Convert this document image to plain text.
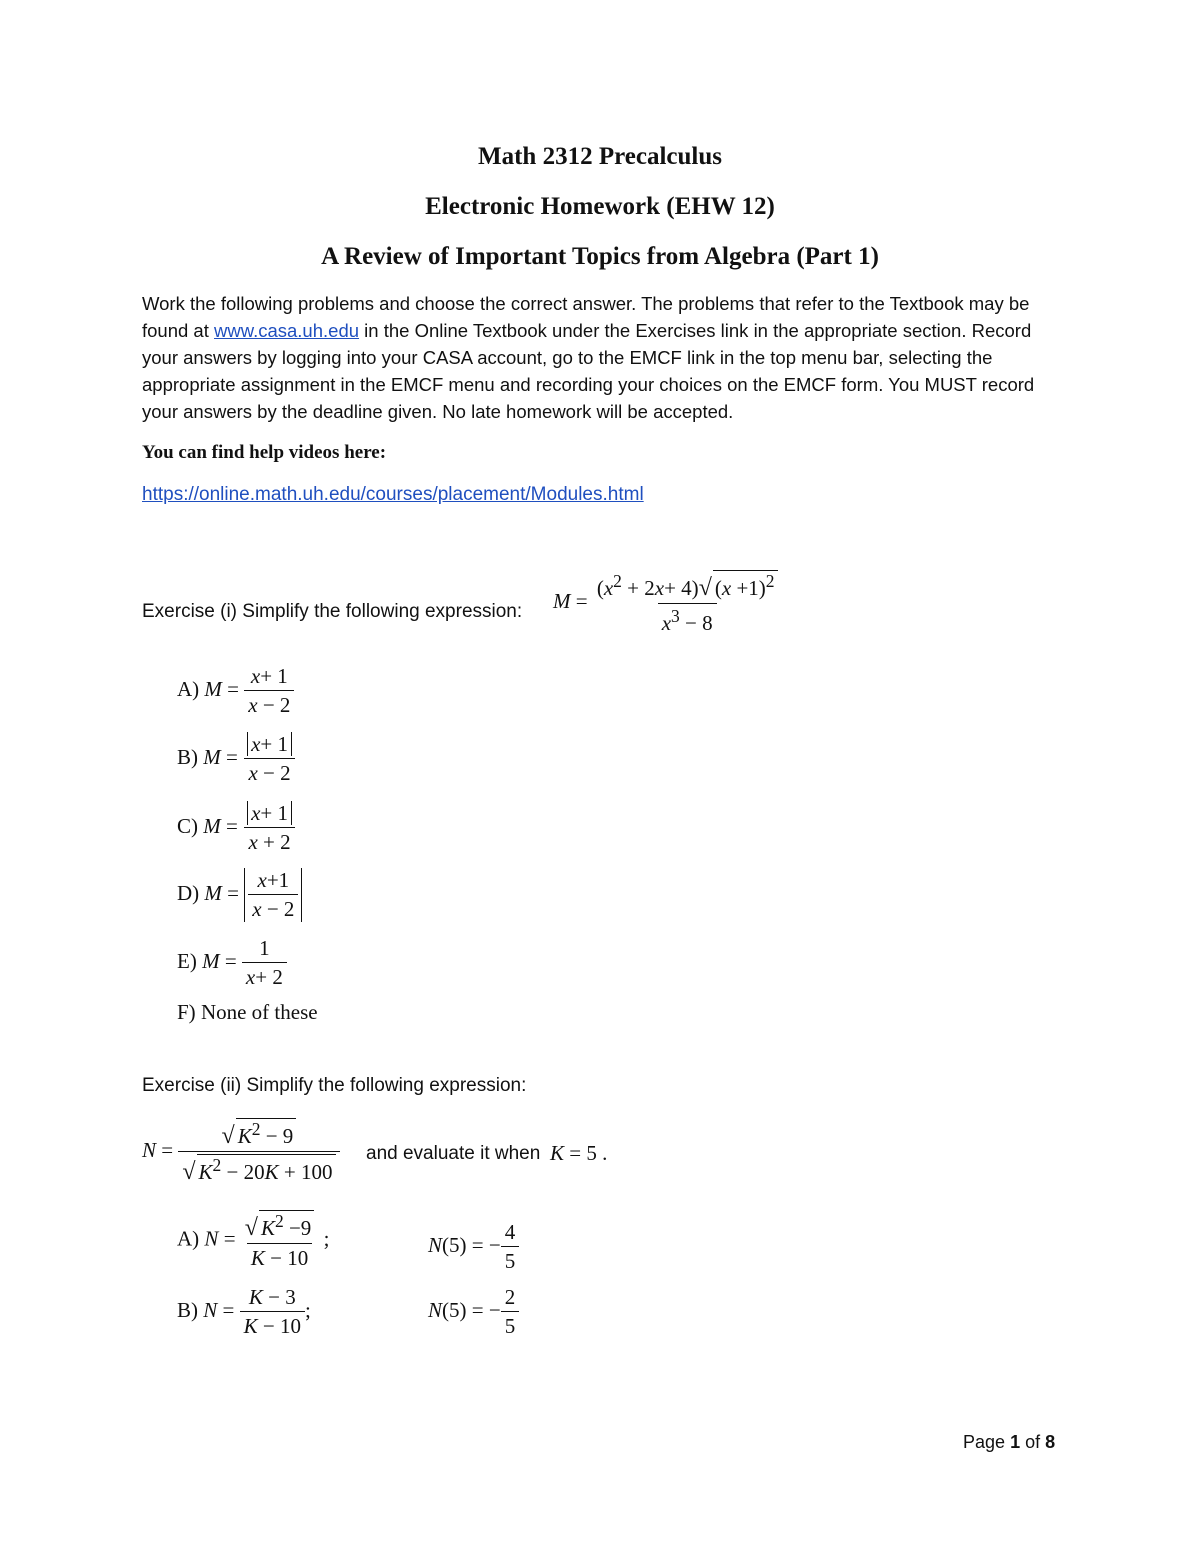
Math 2312 Precalculus
Electronic Homework (EHW 12)
A Review of Important Topics from Algebra (Part 1)
Work the following problems and choose the correct answer. The problems that refer to the Textbook may be found at www.casa.uh.edu in the Online Textbook under the Exercises link in the appropriate section. Record your answers by logging into your CASA account, go to the EMCF link in the top menu bar, selecting the appropriate assignment in the EMCF menu and recording your choices on the EMCF form. You MUST record your answers by the deadline given. No late homework will be accepted.
You can find help videos here:
https://online.math.uh.edu/courses/placement/Modules.html
Exercise (i) Simplify the following expression: $M = \frac{(x^2 + 2x+ 4)√ (x +1)^2}{x^3 - 8}$
A) $M = \frac{x+ 1}{x - 2}$
B) $M = \frac{x+ 1}{x - 2}$
C) $M = \frac{x+ 1}{x + 2}$
D) $M = \frac{x+1}{x - 2}$
E) $M = \frac{1}{x+ 2}$
F) None of these
Exercise (ii) Simplify the following expression:
$N = \frac{√ K^2 - 9}{√ K^2 - 20K + 100}$ and evaluate it when K = 5 .
A) $N = \frac{√ K^2 -9}{K - 10}$ ;	N(5) = − $\frac{4}{5}$
B) $N = \frac{K - 3}{K - 10}$ ;	N(5) = − $\frac{2}{5}$
Page 1 of 8
